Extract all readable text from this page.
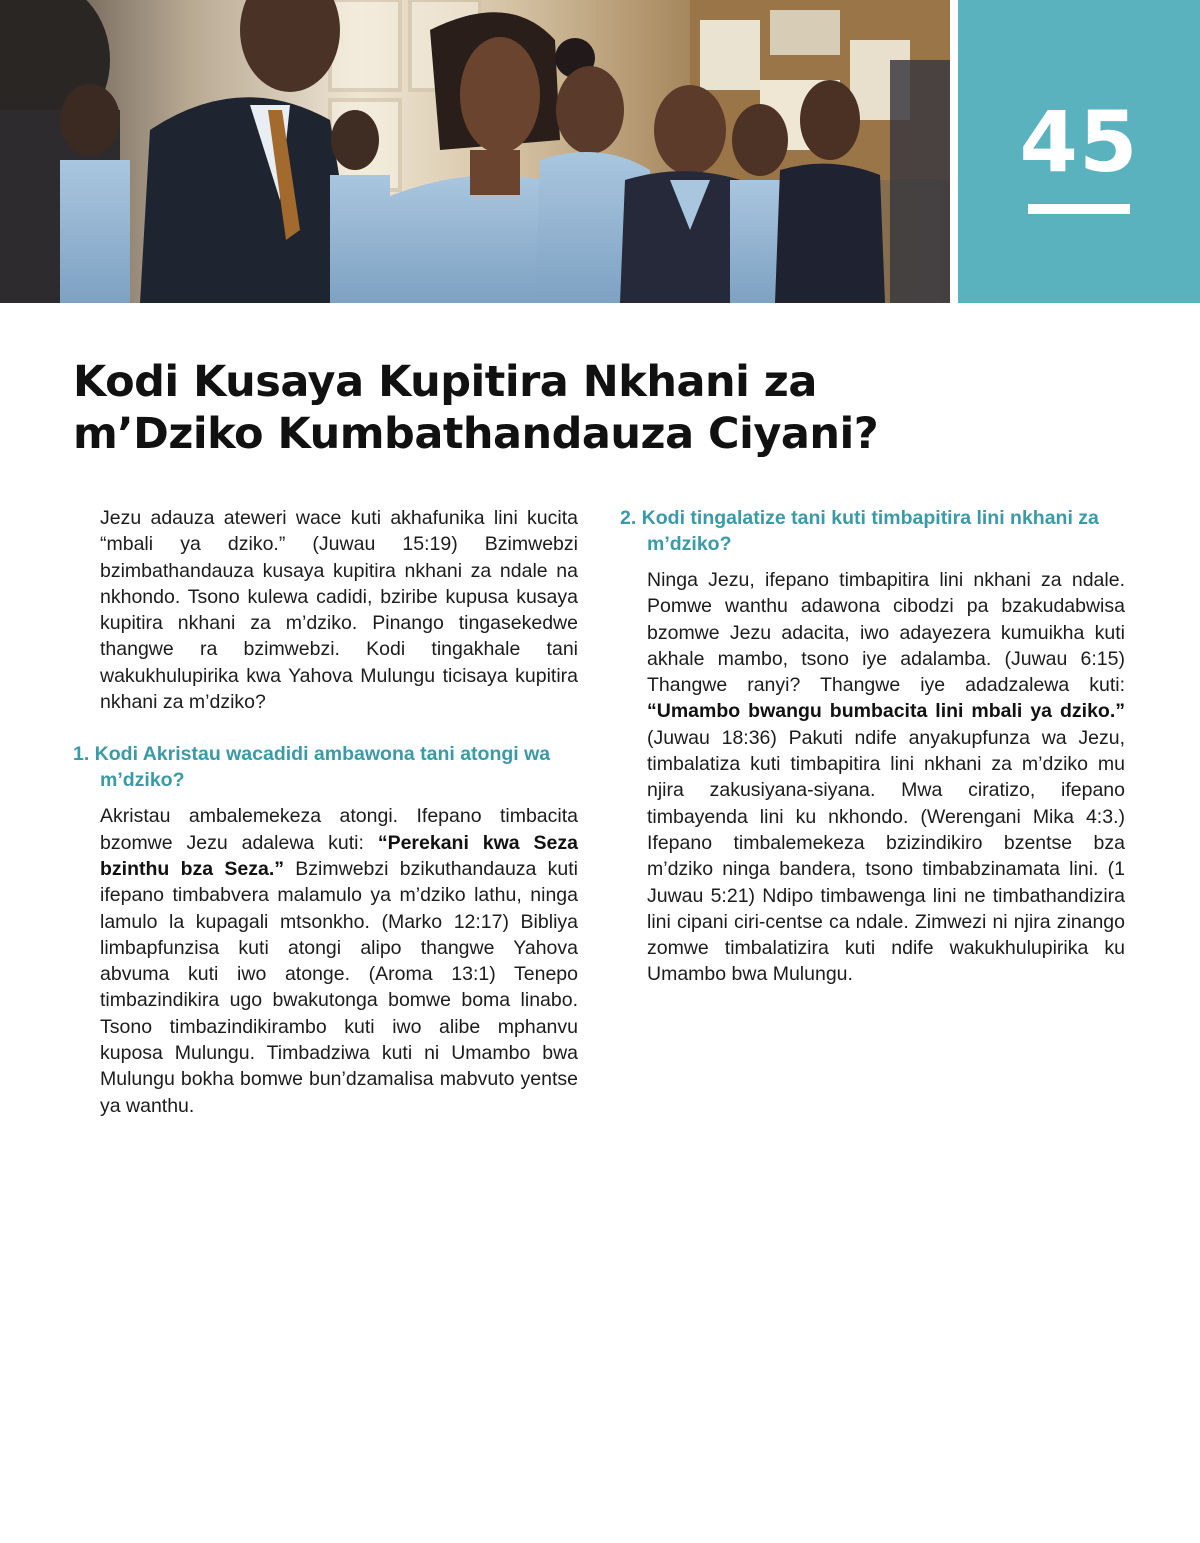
45
Kodi Kusaya Kupitira Nkhani za
m’Dziko Kumbathandauza Ciyani?

Jezu adauza ateweri wace kuti akhafunika lini kucita “mbali ya dziko.” (Juwau 15:19) Bzimwebzi bzimbathandauza kusaya kupitira nkhani za ndale na nkhondo. Tsono kulewa cadidi, bziribe kupusa kusaya kupitira nkhani za m’dziko. Pinango tingasekedwe thangwe ra bzimwebzi. Kodi tingakhale tani wakukhulupirika kwa Yahova Mulungu ticisaya kupitira nkhani za m’dziko?

1. Kodi Akristau wacadidi ambawona tani atongi wa m’dziko?

Akristau ambalemekeza atongi. Ifepano timbacita bzomwe Jezu adalewa kuti: “Perekani kwa Seza bzinthu bza Seza.” Bzimwebzi bzikuthandauza kuti ifepano timbabvera malamulo ya m’dziko lathu, ninga lamulo la kupagali mtsonkho. (Marko 12:17) Bibliya limbapfunzisa kuti atongi alipo thangwe Yahova abvuma kuti iwo atonge. (Aroma 13:1) Tenepo timbazindikira ugo bwakutonga bomwe boma linabo. Tsono timbazindikirambo kuti iwo alibe mphanvu kuposa Mulungu. Timbadziwa kuti ni Umambo bwa Mulungu bokha bomwe bun’dzamalisa mabvuto yentse ya wanthu.

2. Kodi tingalatize tani kuti timbapitira lini nkhani za m’dziko?

Ninga Jezu, ifepano timbapitira lini nkhani za ndale. Pomwe wanthu adawona cibodzi pa bzakudabwisa bzomwe Jezu adacita, iwo adayezera kumuikha kuti akhale mambo, tsono iye adalamba. (Juwau 6:15) Thangwe ranyi? Thangwe iye adadzalewa kuti: “Umambo bwangu bumbacita lini mbali ya dziko.” (Juwau 18:36) Pakuti ndife anyakupfunza wa Jezu, timbalatiza kuti timbapitira lini nkhani za m’dziko mu njira zakusiyana-siyana. Mwa ciratizo, ifepano timbayenda lini ku nkhondo. (Werengani Mika 4:3.) Ifepano timbalemekeza bzizindikiro bzentse bza m’dziko ninga bandera, tsono timbabzinamata lini. (1 Juwau 5:21) Ndipo timbawenga lini ne timbathandizira lini cipani ciri-centse ca ndale. Zimwezi ni njira zinango zomwe timbalatizira kuti ndife wakukhulupirika ku Umambo bwa Mulungu.
